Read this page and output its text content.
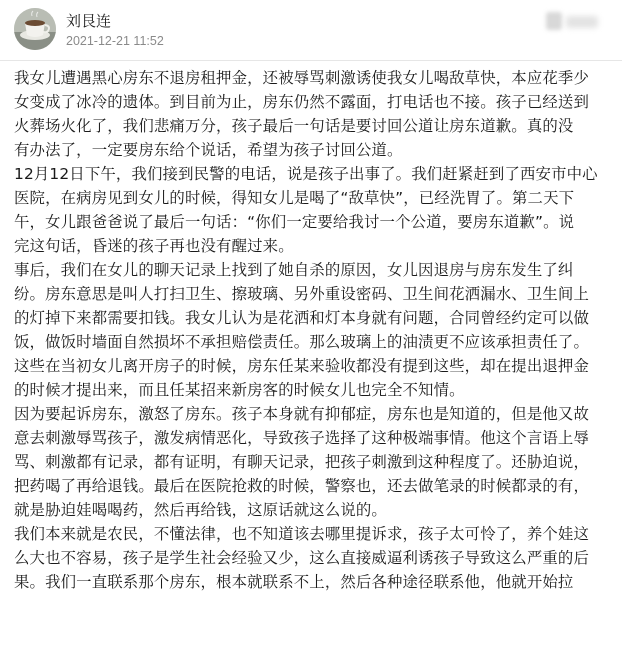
刘艮连
2021-12-21 11:52
我女儿遭遇黑心房东不退房租押金，还被辱骂刺激诱使我女儿喝敌草快，本应花季少
女变成了冰冷的遗体。到目前为止，房东仍然不露面，打电话也不接。孩子已经送到
火葬场火化了，我们悲痛万分，孩子最后一句话是要讨回公道让房东道歉。真的没
有办法了，一定要房东给个说话，希望为孩子讨回公道。
12月12日下午，我们接到民警的电话，说是孩子出事了。我们赶紧赶到了西安市中心
医院，在病房见到女儿的时候，得知女儿是喝了“敌草快”，已经洗胃了。第二天下
午，女儿跟爸爸说了最后一句话：“你们一定要给我讨一个公道，要房东道歉”。说
完这句话，昏迷的孩子再也没有醒过来。
事后，我们在女儿的聊天记录上找到了她自杀的原因，女儿因退房与房东发生了纠
纷。房东意思是叫人打扫卫生、擦玻璃、另外重设密码、卫生间花洒漏水、卫生间上
的灯掉下来都需要扣钱。我女儿认为是花洒和灯本身就有问题，合同曾经约定可以做
饭，做饭时墙面自然损坏不承担赔偿责任。那么玻璃上的油渍更不应该承担责任了。
这些在当初女儿离开房子的时候，房东任某来验收都没有提到这些，却在提出退押金
的时候才提出来，而且任某招来新房客的时候女儿也完全不知情。
因为要起诉房东，激怒了房东。孩子本身就有抑郁症，房东也是知道的，但是他又故
意去刺激辱骂孩子，激发病情恶化，导致孩子选择了这种极端事情。他这个言语上辱
骂、刺激都有记录，都有证明，有聊天记录，把孩子刺激到这种程度了。还胁迫说，
把药喝了再给退钱。最后在医院抢救的时候，警察也，还去做笔录的时候都录的有，
就是胁迫娃喝喝药，然后再给钱，这原话就这么说的。
我们本来就是农民，不懂法律，也不知道该去哪里提诉求，孩子太可怜了，养个娃这
么大也不容易，孩子是学生社会经验又少，这么直接威逼利诱孩子导致这么严重的后
果。我们一直联系那个房东，根本就联系不上，然后各种途径联系他，他就开始拉
